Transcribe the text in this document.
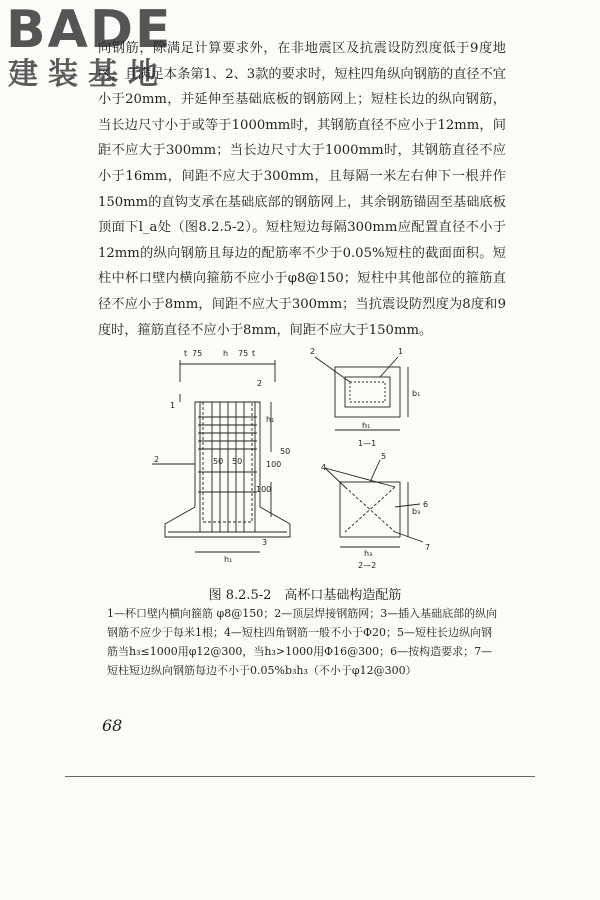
BADE
建装基地

向钢筋，除满足计算要求外，在非地震区及抗震设防烈度低于9度地区，且满足本条第1、2、3款的要求时，短柱四角纵向钢筋的直径不宜小于20mm，并延伸至基础底板的钢筋网上；短柱长边的纵向钢筋，当长边尺寸小于或等于1000mm时，其钢筋直径不应小于12mm，间距不应大于300mm；当长边尺寸大于1000mm时，其钢筋直径不应小于16mm，间距不应大于300mm，且每隔一米左右伸下一根并作150mm的直钩支承在基础底部的钢筋网上，其余钢筋锚固至基础底板顶面下l_a处（图8.2.5-2）。短柱短边每隔300mm应配置直径不小于12mm的纵向钢筋且每边的配筋率不少于0.05%短柱的截面面积。短柱中杯口壁内横向箍筋不应小于φ8@150；短柱中其他部位的箍筋直径不应小于8mm，间距不应大于300mm；当抗震设防烈度为8度和9度时，箍筋直径不应小于8mm，间距不应大于150mm。

t 75	h 75 t
1
2
2
3
50 50
50
100
100
h₁
h₁
2	1
b₁
h₁
1—1
4
5
6
7
b₃
h₃
2—2
图 8.2.5-2　高杯口基础构造配筋
1—杯口壁内横向箍筋 φ8@150；2—顶层焊接钢筋网；3—插入基础底部的纵向钢筋不应少于每米1根；4—短柱四角钢筋一般不小于Φ20；5—短柱长边纵向钢筋当h₃≤1000用φ12@300，当h₃>1000用Φ16@300；6—按构造要求；7—短柱短边纵向钢筋每边不小于0.05%b₃h₃（不小于φ12@300）
68
